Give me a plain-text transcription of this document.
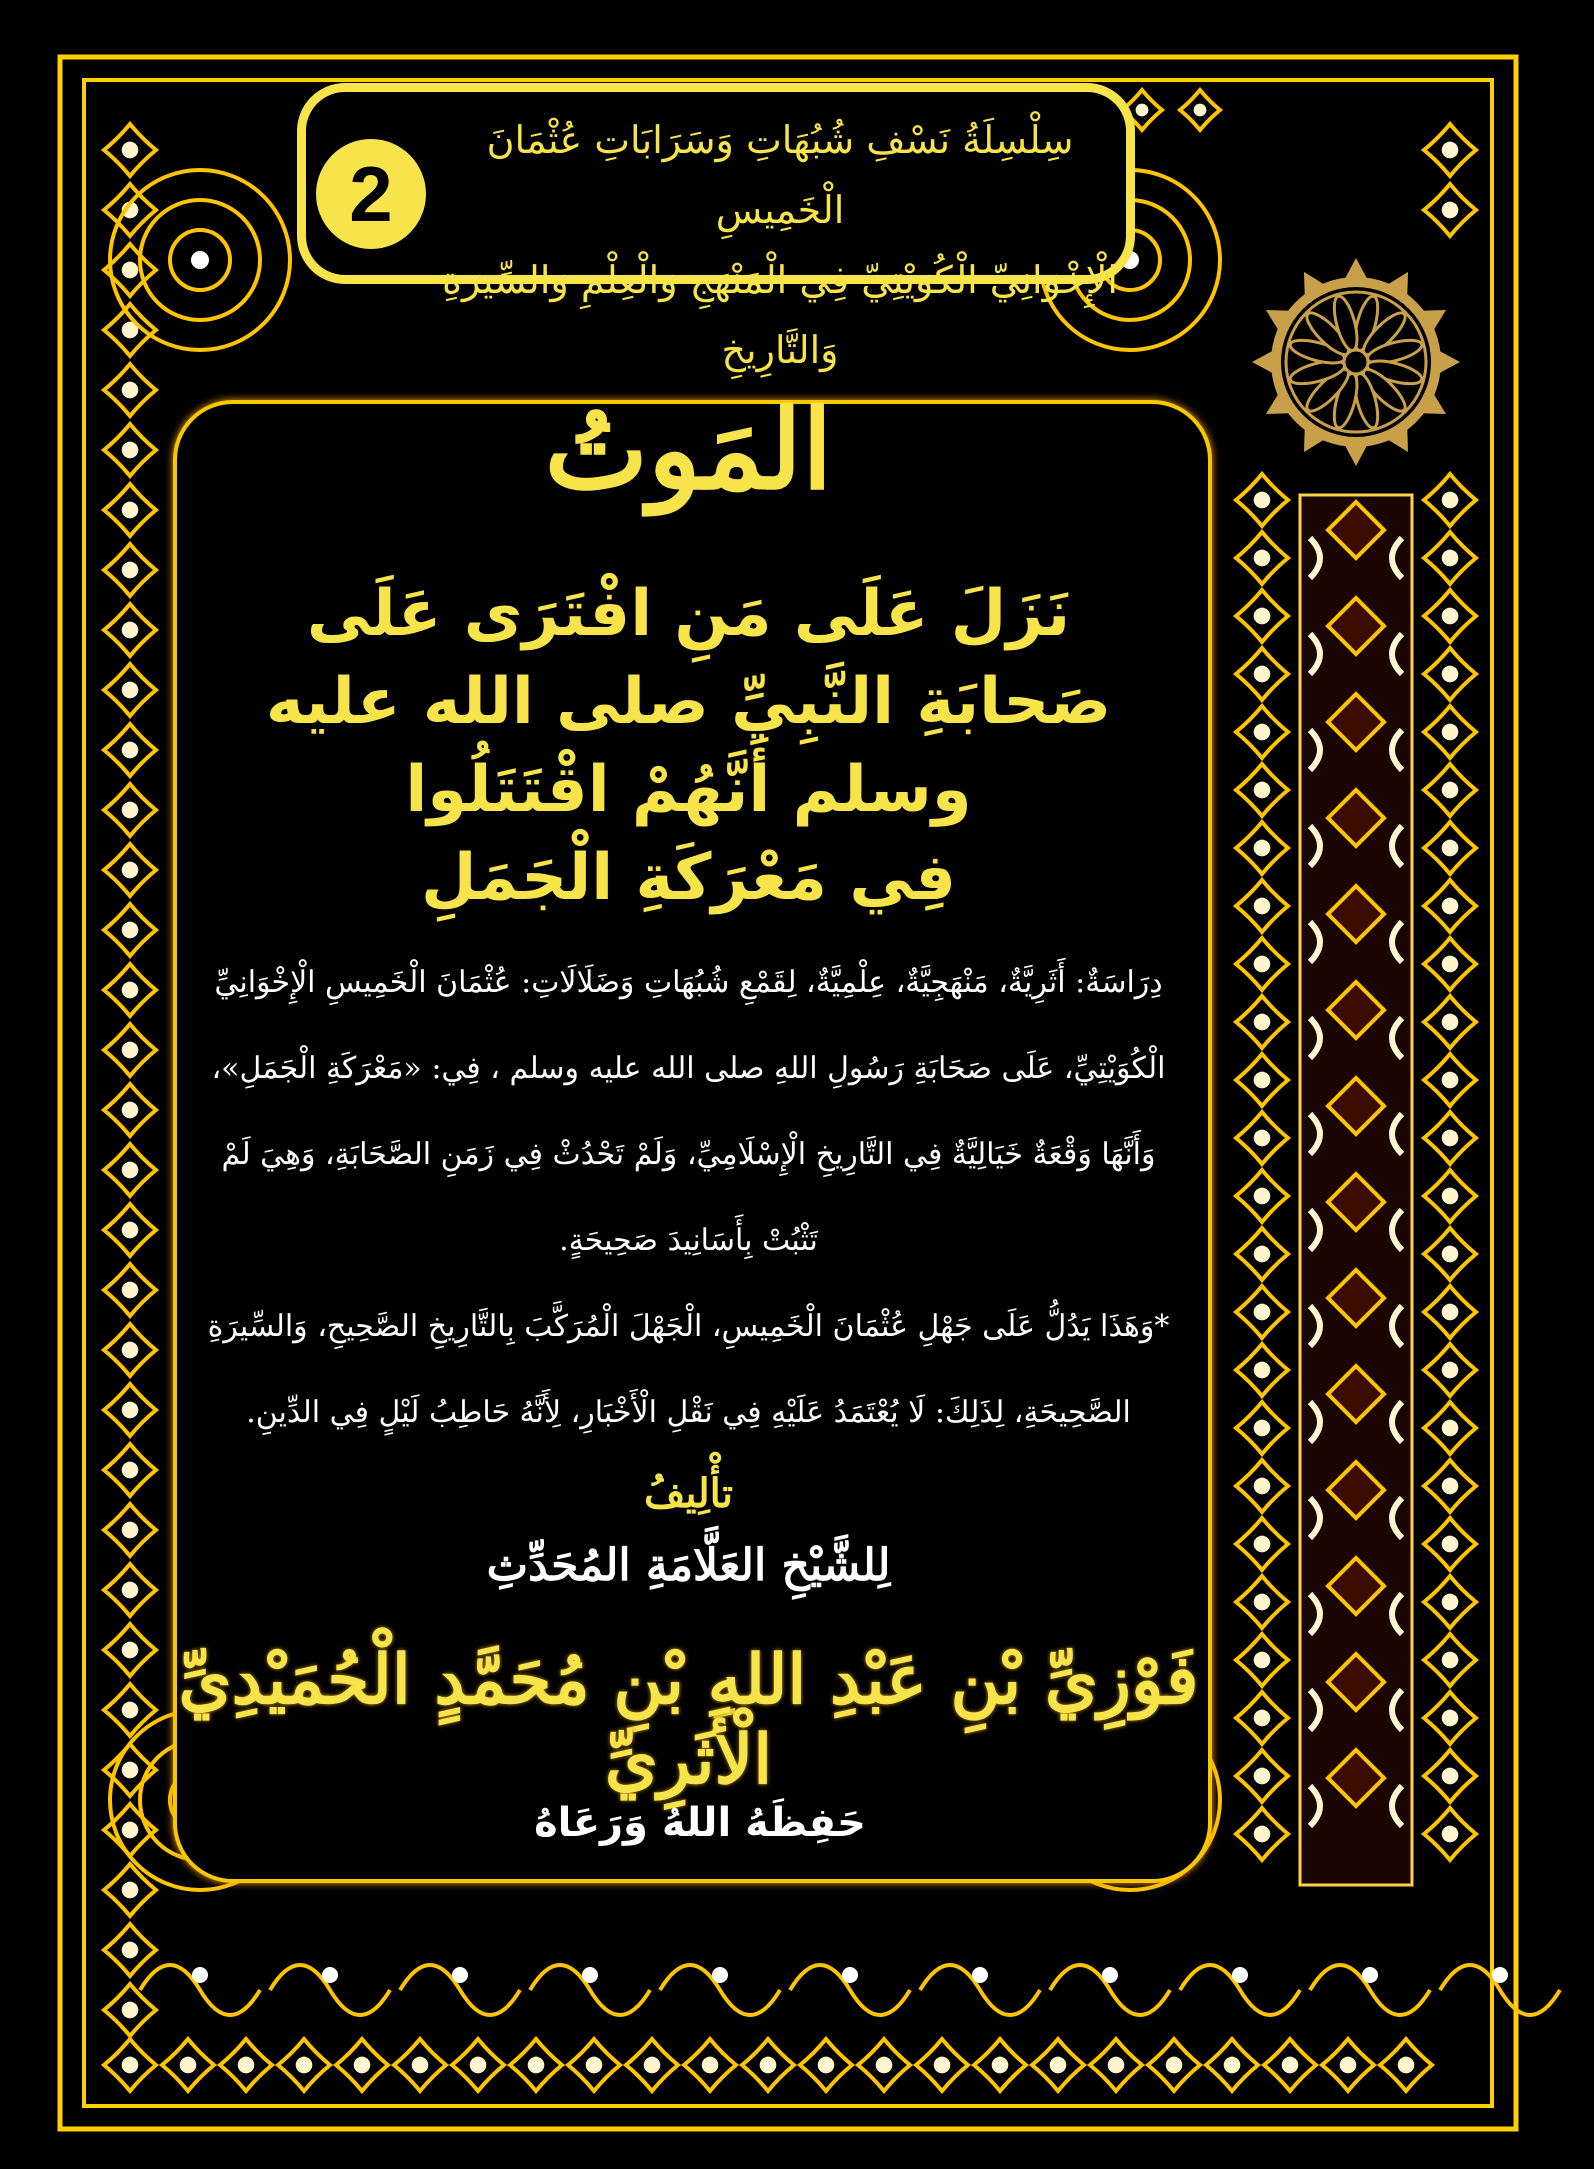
2
سِلْسِلَةُ نَسْفِ شُبُهَاتِ وَسَرَابَاتِ عُثْمَانَ الْخَمِيسِ
الْإِخْوَانِيِّ الْكُوَيْتِيِّ فِي الْمَنْهَجِ وَالْعِلْمِ وَالسِّيرَةِ وَالتَّارِيخِ
المَوتُ
نَزَلَ عَلَى مَنِ افْتَرَى عَلَى
صَحابَةِ النَّبِيِّ صلى الله عليه
وسلم أَنَّهُمْ اقْتَتَلُوا
فِي مَعْرَكَةِ الْجَمَلِ
دِرَاسَةٌ: أَثَرِيَّةٌ، مَنْهَجِيَّةٌ، عِلْمِيَّةٌ، لِقَمْعِ شُبُهَاتِ وَضَلَالَاتِ: عُثْمَانَ الْخَمِيسِ الْإِخْوَانِيِّ الْكُوَيْتِيِّ، عَلَى صَحَابَةِ رَسُولِ اللهِ صلى الله عليه وسلم ، فِي: «مَعْرَكَةِ الْجَمَلِ»، وَأَنَّهَا وَقْعَةٌ خَيَالِيَّةٌ فِي التَّارِيخِ الْإِسْلَامِيِّ، وَلَمْ تَحْدُثْ فِي زَمَنِ الصَّحَابَةِ، وَهِيَ لَمْ تَثْبُتْ بِأَسَانِيدَ صَحِيحَةٍ.
*وَهَذَا يَدُلُّ عَلَى جَهْلِ عُثْمَانَ الْخَمِيسِ، الْجَهْلَ الْمُرَكَّبَ بِالتَّارِيخِ الصَّحِيحِ، وَالسِّيرَةِ الصَّحِيحَةِ، لِذَلِكَ: لَا يُعْتَمَدُ عَلَيْهِ فِي نَقْلِ الْأَخْبَارِ، لِأَنَّهُ حَاطِبُ لَيْلٍ فِي الدِّينِ.
تأْلِيفُ
لِلشَّيْخِ العَلَّامَةِ المُحَدِّثِ
فَوْزِيِّ بْنِ عَبْدِ اللهِ بْنِ مُحَمَّدٍ الْحُمَيْدِيِّ الْأَثَرِيِّ
حَفِظَهُ اللهُ وَرَعَاهُ
